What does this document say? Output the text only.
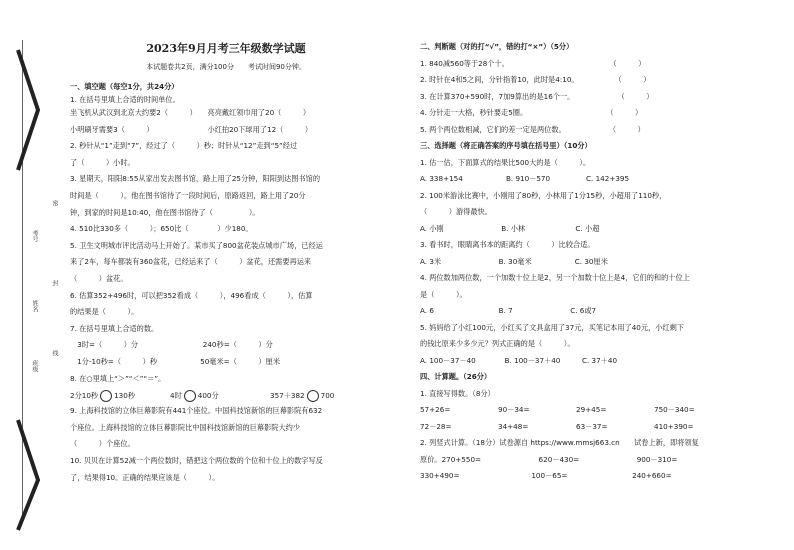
考号
姓名
班级
密
封
线
2023年9月月考三年级数学试题
本试题卷共2页，满分100分　　考试时间90分钟。
一、填空题（每空1分，共24分）
1. 在括号里填上合适的时间单位。
坐飞机从武汉到北京大约要2（　　　）　　亮亮戴红领巾用了20（　　　）
小明刷牙需要3（　　　）　　　　　　　　小红拍20下球用了12（　　　）
2. 秒针从“1”走到“7”，经过了（　　　）秒；时针从“12”走到“5”经过
了（　　　）小时。
3. 星期天，阳阳8:55从家出发去图书馆，路上用了25分钟，阳阳到达图书馆的
时间是（　　　）。他在图书馆待了一段时间后，原路返回，路上用了20分
钟，到家的时间是10:40，他在图书馆待了（　　　　　）。
4. 510比330多（　　　）；650比（　　　　）少180。
5. 卫生文明城市评比活动马上开始了。某市买了800盆花装点城市广场，已经运
来了2车，每车都装有360盆花，已经运来了（　　　）盆花，还需要再运来
（　　　）盆花。
6. 估算352+496时，可以把352看成（　　　），496看成（　　　），估算
的结果是（　　　）。
7. 在括号里填上合适的数。
　3时=（　　　）分　　　　　　　　　240秒=（　　　）分
　1分-10秒=（　　　）秒　　　　　　50毫米=（　　　）厘米
8. 在○里填上“＞”“＜”“＝”。
2分10秒 130秒	4时 400分	357＋382 700
9. 上海科技馆的立体巨幕影院有441个座位。中国科技馆新馆的巨幕影院有632
个座位。上海科技馆的立体巨幕影院比中国科技馆新馆的巨幕影院大约少
（　　　）个座位。
10. 贝贝在计算52减一个两位数时，错把这个两位数的个位和十位上的数字写反
了，结果得10。正确的结果应该是（　　　）。
二、判断题（对的打“√”，错的打“×”）（5分）
1. 840减560等于28个十。　　　　　　　　　　　　　　　（　　　）
2. 时针在4和5之间，分针指着10，此时是4:10。　　　　　　（　　　）
3. 在计算370+590时，7加9算出的是16个一。　　　　　　　（　　　）
4. 分针走一大格，秒针要走5圈。　　　　　　　　　　　　（　　　）
5. 两个两位数相减，它们的差一定是两位数。　　　　　　　（　　　）
三、选择题（将正确答案的序号填在括号里）（10分）
1. 估一估，下面算式的结果比500大的是（　　　）。
A. 338+154　　　　　　B. 910－570　　　　　C. 142+395
2. 100米游泳比赛中，小刚用了80秒，小林用了1分15秒，小超用了110秒，
（　　　）游得最快。
A. 小刚　　　　　　　　B. 小林　　　　　　　C. 小超
3. 看书时，眼睛离书本的距离约（　　　）比较合适。
A. 3米　　　　　　　　B. 30毫米　　　　　　C. 30厘米
4. 两位数加两位数，一个加数十位上是2，另一个加数十位上是4，它们的和的十位上
是（　　　）。
A. 6　　　　　　　　　B. 7　　　　　　　　C. 6或7
5. 妈妈给了小红100元，小红买了文具盒用了37元，买笔记本用了40元，小红剩下
的钱比原来少多少元？列式正确的是（　　　）。
A. 100－37－40　　　　B. 100－37＋40　　　C. 37＋40
四、计算题。（26分）
1. 直接写得数。（8分）
57+26=	90－34=	29+45=	750－340=
72－28=	34+48=	63－37=	410+390=
2. 列竖式计算。（18分）试卷源自 https://www.mmsj663.cn　　试卷上新，即将领复
原价。270+550=　　　　　　　　620－430=　　　　　　　　900－310=
330+490=　　　　　　　　　　100－65=　　　　　　　　　240+660=
